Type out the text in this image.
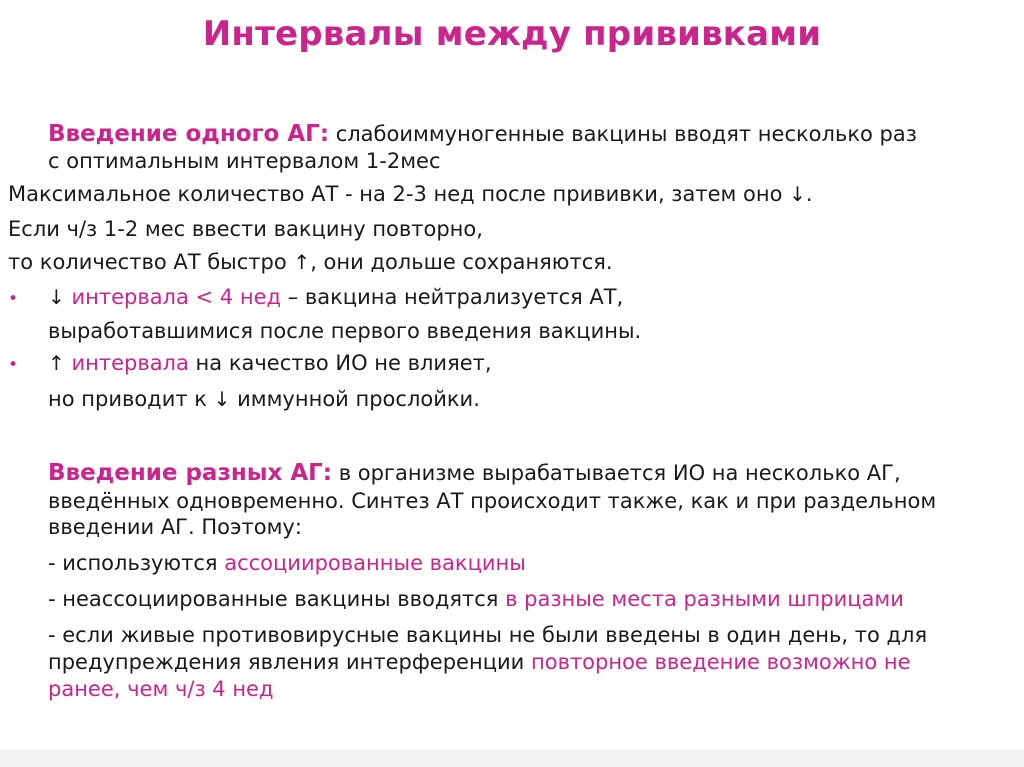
Интервалы между прививками
Введение одного АГ: слабоиммуногенные вакцины вводят несколько раз
с оптимальным интервалом 1-2мес
Максимальное количество АТ - на 2-3 нед после прививки, затем оно ↓.
Если ч/з 1-2 мес ввести вакцину повторно,
то количество АТ быстро ↑, они дольше сохраняются.
• ↓ интервала < 4 нед – вакцина нейтрализуется АТ,
выработавшимися после первого введения вакцины.
• ↑ интервала на качество ИО не влияет,
но приводит к ↓ иммунной прослойки.
Введение разных АГ: в организме вырабатывается ИО на несколько АГ,
введённых одновременно. Синтез АТ происходит также, как и при раздельном
введении АГ. Поэтому:
- используются ассоциированные вакцины
- неассоциированные вакцины вводятся в разные места разными шприцами
- если живые противовирусные вакцины не были введены в один день, то для
предупреждения явления интерференции повторное введение возможно не
ранее, чем ч/з 4 нед
